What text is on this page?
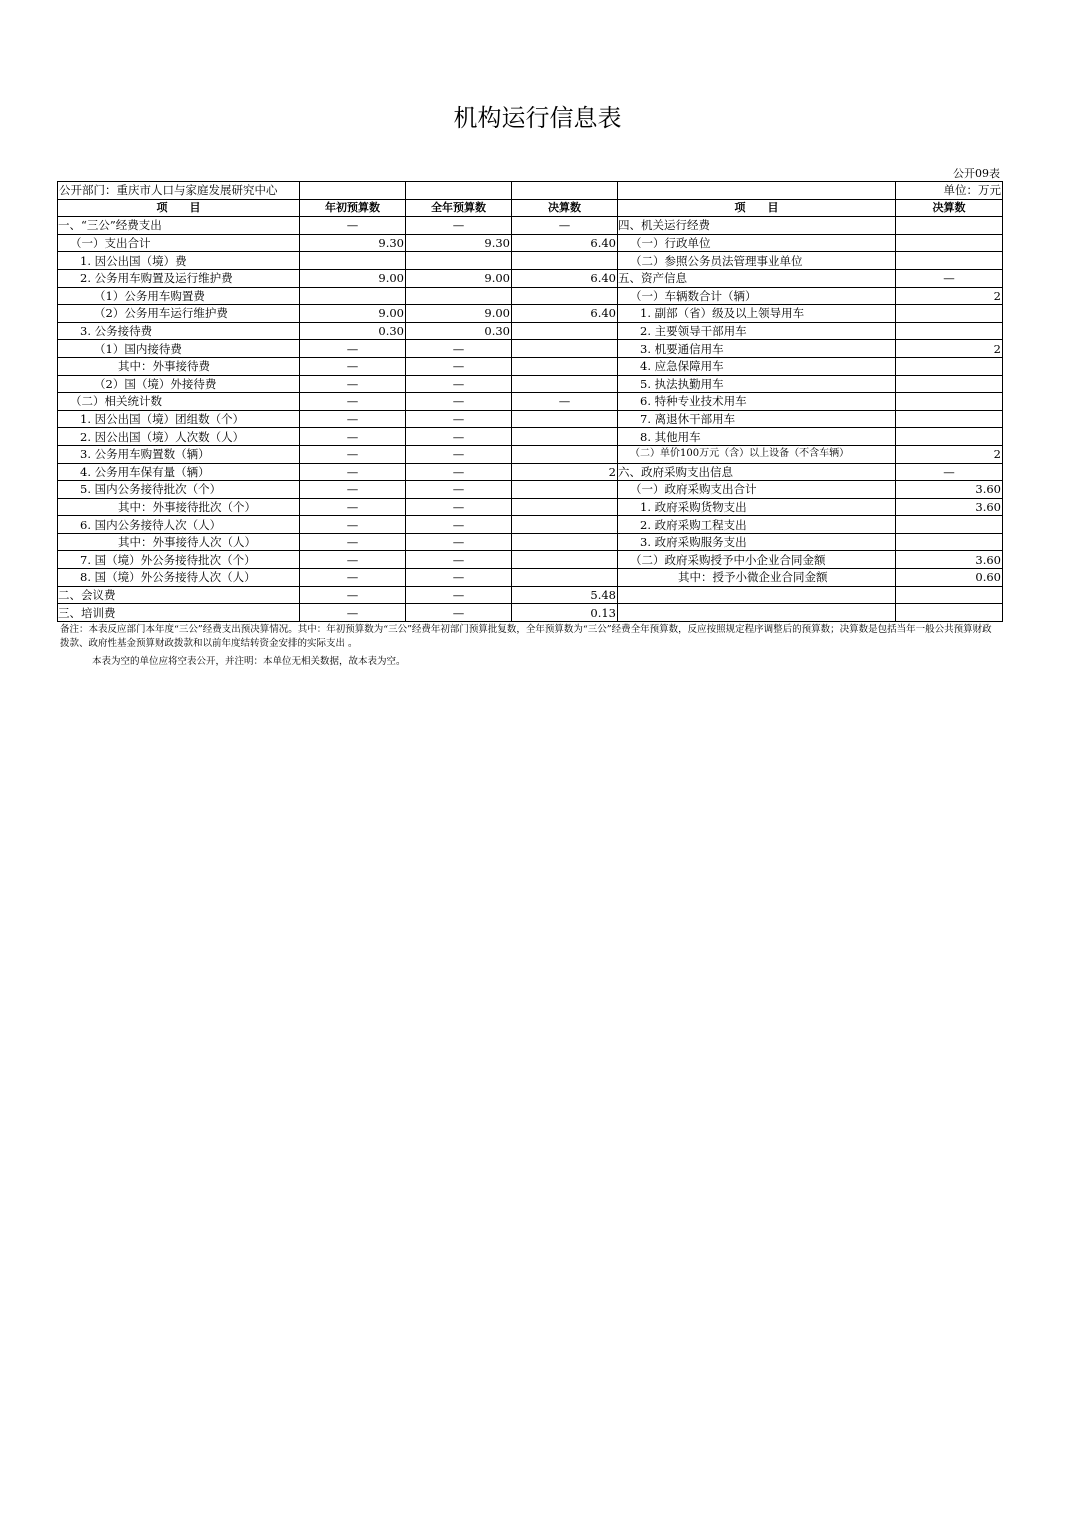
机构运行信息表
公开09表
公开部门：重庆市人口与家庭发展研究中心					单位：万元
项　　目	年初预算数	全年预算数	决算数	项　　目	决算数
一、“三公”经费支出	—	—	—	四、机关运行经费	
（一）支出合计	9.30	9.30	6.40	（一）行政单位	
1. 因公出国（境）费				（二）参照公务员法管理事业单位	
2. 公务用车购置及运行维护费	9.00	9.00	6.40	五、资产信息	—
（1）公务用车购置费				（一）车辆数合计（辆）	2
（2）公务用车运行维护费	9.00	9.00	6.40	1. 副部（省）级及以上领导用车	
3. 公务接待费	0.30	0.30		2. 主要领导干部用车	
（1）国内接待费	—	—		3. 机要通信用车	2
其中：外事接待费	—	—		4. 应急保障用车	
（2）国（境）外接待费	—	—		5. 执法执勤用车	
（二）相关统计数	—	—	—	6. 特种专业技术用车	
1. 因公出国（境）团组数（个）	—	—		7. 离退休干部用车	
2. 因公出国（境）人次数（人）	—	—		8. 其他用车	
3. 公务用车购置数（辆）	—	—		（二）单价100万元（含）以上设备（不含车辆）	2
4. 公务用车保有量（辆）	—	—	2	六、政府采购支出信息	—
5. 国内公务接待批次（个）	—	—		（一）政府采购支出合计	3.60
其中：外事接待批次（个）	—	—		1. 政府采购货物支出	3.60
6. 国内公务接待人次（人）	—	—		2. 政府采购工程支出	
其中：外事接待人次（人）	—	—		3. 政府采购服务支出	
7. 国（境）外公务接待批次（个）	—	—		（二）政府采购授予中小企业合同金额	3.60
8. 国（境）外公务接待人次（人）	—	—		其中：授予小微企业合同金额	0.60
二、会议费	—	—	5.48		
三、培训费	—	—	0.13		
备注：本表反应部门本年度“三公”经费支出预决算情况。其中：年初预算数为“三公”经费年初部门预算批复数，全年预算数为“三公”经费全年预算数，反应按照规定程序调整后的预算数；决算数是包括当年一般公共预算财政拨款、政府性基金预算财政拨款和以前年度结转资金安排的实际支出 。
本表为空的单位应将空表公开，并注明：本单位无相关数据，故本表为空。
